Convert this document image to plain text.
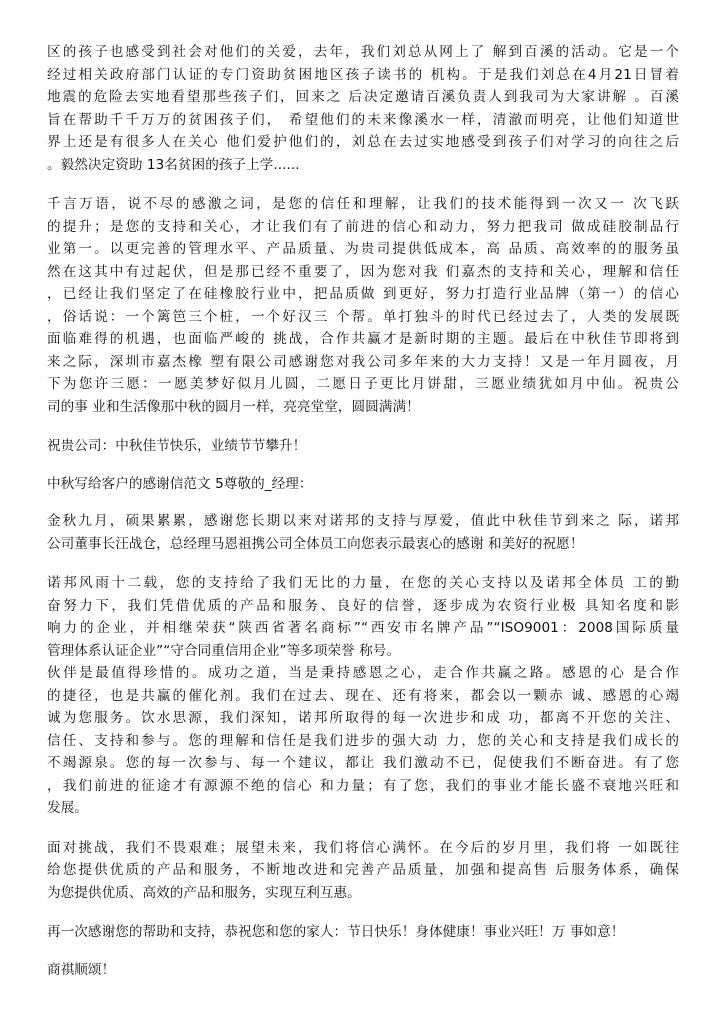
区的孩子也感受到社会对他们的关爱，去年，我们刘总从网上了 解到百溪的活动。它是一个
经过相关政府部门认证的专门资助贫困地区孩子读书的 机构。于是我们刘总在4月21日冒着
地震的危险去实地看望那些孩子们，回来之 后决定邀请百溪负责人到我司为大家讲解 。百溪
旨在帮助千千万万的贫困孩子们， 希望他们的未来像溪水一样，清澈而明亮，让他们知道世
界上还是有很多人在关心 他们爱护他们的，刘总在去过实地感受到孩子们对学习的向往之后
。毅然决定资助 13名贫困的孩子上学......

千言万语，说不尽的感激之词，是您的信任和理解，让我们的技术能得到一次又一 次飞跃
的提升；是您的支持和关心，才让我们有了前进的信心和动力，努力把我司 做成硅胶制品行
业第一。以更完善的管理水平、产品质量、为贵司提供低成本，高 品质、高效率的的服务虽
然在这其中有过起伏，但是那已经不重要了，因为您对我 们嘉杰的支持和关心，理解和信任
，已经让我们坚定了在硅橡胶行业中，把品质做 到更好，努力打造行业品牌（第一）的信心
，俗话说：一个篱笆三个桩，一个好汉三 个帮。单打独斗的时代已经过去了，人类的发展既
面临难得的机遇，也面临严峻的 挑战，合作共赢才是新时期的主题。最后在中秋佳节即将到
来之际，深圳市嘉杰橡 塑有限公司感谢您对我公司多年来的大力支持！又是一年月圆夜，月
下为您许三愿：一愿美梦好似月儿圆，二愿日子更比月饼甜，三愿业绩犹如月中仙。祝贵公
司的事 业和生活像那中秋的圆月一样，亮亮堂堂，圆圆满满！

祝贵公司：中秋佳节快乐，业绩节节攀升！

中秋写给客户的感谢信范文 5尊敬的_经理：

金秋九月，硕果累累，感谢您长期以来对诺邦的支持与厚爱，值此中秋佳节到来之 际，诺邦
公司董事长汪战仓，总经理马恩祖携公司全体员工向您表示最衷心的感谢 和美好的祝愿！

诺邦风雨十二载，您的支持给了我们无比的力量，在您的关心支持以及诺邦全体员 工的勤
奋努力下，我们凭借优质的产品和服务、良好的信誉，逐步成为农资行业极 具知名度和影
响力的企业，并相继荣获“陕西省著名商标”“西安市名牌产品”“ISO9001：2008国际质量
管理体系认证企业”“守合同重信用企业”等多项荣誉 称号。

伙伴是最值得珍惜的。成功之道，当是秉持感恩之心，走合作共赢之路。感恩的心 是合作
的捷径，也是共赢的催化剂。我们在过去、现在、还有将来，都会以一颗赤 诚、感恩的心竭
诚为您服务。饮水思源，我们深知，诺邦所取得的每一次进步和成 功，都离不开您的关注、
信任、支持和参与。您的理解和信任是我们进步的强大动 力，您的关心和支持是我们成长的
不竭源泉。您的每一次参与、每一个建议，都让 我们激动不已，促使我们不断奋进。有了您
，我们前进的征途才有源源不绝的信心 和力量；有了您，我们的事业才能长盛不衰地兴旺和
发展。

面对挑战，我们不畏艰难；展望未来，我们将信心满怀。在今后的岁月里，我们将 一如既往
给您提供优质的产品和服务，不断地改进和完善产品质量，加强和提高售 后服务体系，确保
为您提供优质、高效的产品和服务，实现互利互惠。

再一次感谢您的帮助和支持，恭祝您和您的家人：节日快乐！身体健康！事业兴旺！万 事如意！

商祺顺颂！
